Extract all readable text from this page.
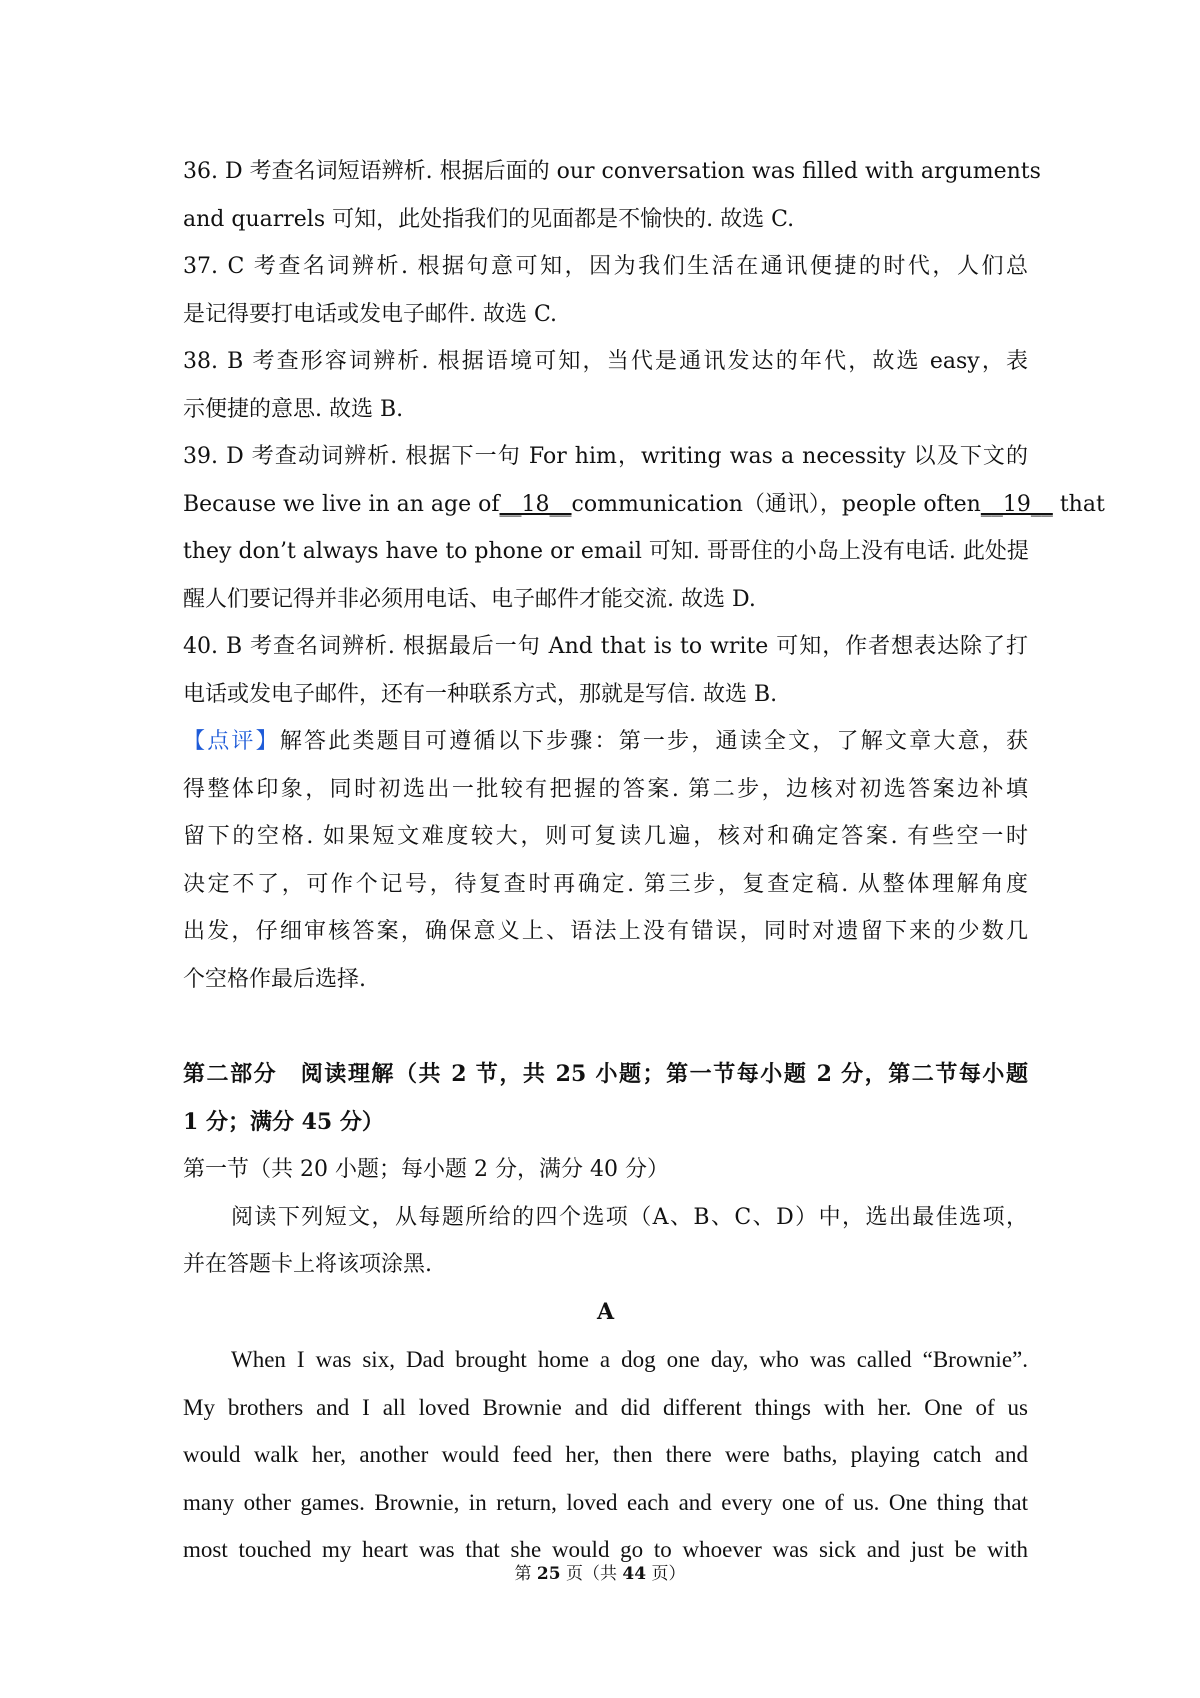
36. D 考查名词短语辨析. 根据后面的 our conversation was filled with arguments
and quarrels 可知，此处指我们的见面都是不愉快的. 故选 C.
37. C 考查名词辨析. 根据句意可知，因为我们生活在通讯便捷的时代，人们总
是记得要打电话或发电子邮件. 故选 C.
38. B 考查形容词辨析. 根据语境可知，当代是通讯发达的年代，故选 easy，表
示便捷的意思. 故选 B.
39. D 考查动词辨析. 根据下一句 For him，writing was a necessity 以及下文的
Because we live in an age of__18__communication（通讯），people often__19__ that
they don’t always have to phone or email 可知. 哥哥住的小岛上没有电话. 此处提
醒人们要记得并非必须用电话、电子邮件才能交流. 故选 D.
40. B 考查名词辨析. 根据最后一句 And that is to write 可知，作者想表达除了打
电话或发电子邮件，还有一种联系方式，那就是写信. 故选 B.
【点评】解答此类题目可遵循以下步骤：第一步，通读全文，了解文章大意，获
得整体印象，同时初选出一批较有把握的答案. 第二步，边核对初选答案边补填
留下的空格. 如果短文难度较大，则可复读几遍，核对和确定答案. 有些空一时
决定不了，可作个记号，待复查时再确定. 第三步，复查定稿. 从整体理解角度
出发，仔细审核答案，确保意义上、语法上没有错误，同时对遗留下来的少数几
个空格作最后选择.
第二部分　阅读理解（共 2 节，共 25 小题；第一节每小题 2 分，第二节每小题
1 分；满分 45 分）
第一节（共 20 小题；每小题 2 分，满分 40 分）
阅读下列短文，从每题所给的四个选项（A、B、C、D）中，选出最佳选项，
并在答题卡上将该项涂黑.
A
When I was six, Dad brought home a dog one day, who was called “Brownie”.
My brothers and I all loved Brownie and did different things with her. One of us
would walk her, another would feed her, then there were baths, playing catch and
many other games. Brownie, in return, loved each and every one of us. One thing that
most touched my heart was that she would go to whoever was sick and just be with
第 25 页（共 44 页）
